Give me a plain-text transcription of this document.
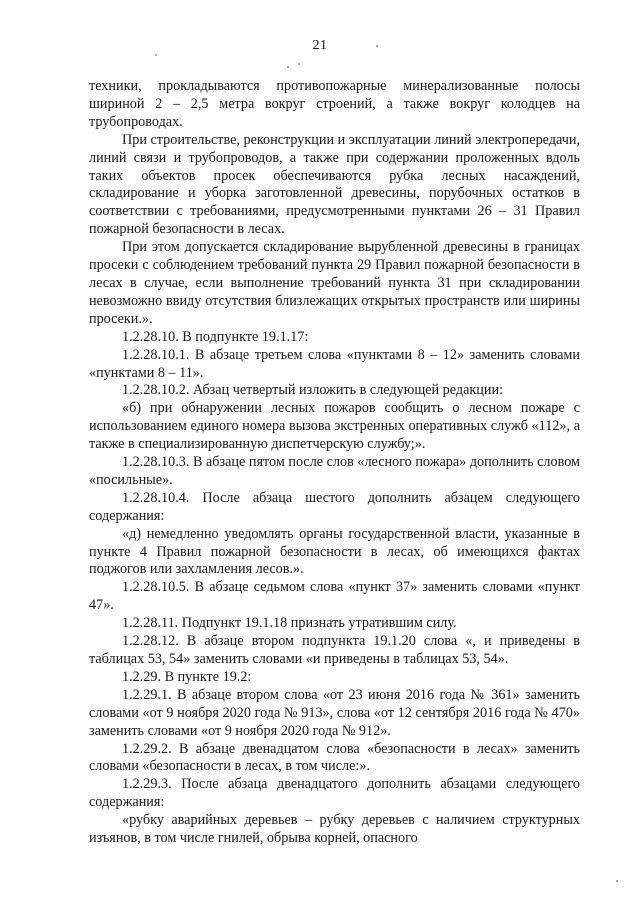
21

техники, прокладываются противопожарные минерализованные полосы шириной 2 – 2,5 метра вокруг строений, а также вокруг колодцев на трубопроводах.

При строительстве, реконструкции и эксплуатации линий электропередачи, линий связи и трубопроводов, а также при содержании проложенных вдоль таких объектов просек обеспечиваются рубка лесных насаждений, складирование и уборка заготовленной древесины, порубочных остатков в соответствии с требованиями, предусмотренными пунктами 26 – 31 Правил пожарной безопасности в лесах.

При этом допускается складирование вырубленной древесины в границах просеки с соблюдением требований пункта 29 Правил пожарной безопасности в лесах в случае, если выполнение требований пункта 31 при складировании невозможно ввиду отсутствия близлежащих открытых пространств или ширины просеки.».

1.2.28.10. В подпункте 19.1.17:

1.2.28.10.1. В абзаце третьем слова «пунктами 8 – 12» заменить словами «пунктами 8 – 11».

1.2.28.10.2. Абзац четвертый изложить в следующей редакции:

«б) при обнаружении лесных пожаров сообщить о лесном пожаре с использованием единого номера вызова экстренных оперативных служб «112», а также в специализированную диспетчерскую службу;».

1.2.28.10.3. В абзаце пятом после слов «лесного пожара» дополнить словом «посильные».

1.2.28.10.4. После абзаца шестого дополнить абзацем следующего содержания:

«д) немедленно уведомлять органы государственной власти, указанные в пункте 4 Правил пожарной безопасности в лесах, об имеющихся фактах поджогов или захламления лесов.».

1.2.28.10.5. В абзаце седьмом слова «пункт 37» заменить словами «пункт 47».

1.2.28.11. Подпункт 19.1.18 признать утратившим силу.

1.2.28.12. В абзаце втором подпункта 19.1.20 слова «, и приведены в таблицах 53, 54» заменить словами «и приведены в таблицах 53, 54».

1.2.29. В пункте 19.2:

1.2.29.1. В абзаце втором слова «от 23 июня 2016 года № 361» заменить словами «от 9 ноября 2020 года № 913», слова «от 12 сентября 2016 года № 470» заменить словами «от 9 ноября 2020 года № 912».

1.2.29.2. В абзаце двенадцатом слова «безопасности в лесах» заменить словами «безопасности в лесах, в том числе:».

1.2.29.3. После абзаца двенадцатого дополнить абзацами следующего содержания:

«рубку аварийных деревьев – рубку деревьев с наличием структурных изъянов, в том числе гнилей, обрыва корней, опасного
